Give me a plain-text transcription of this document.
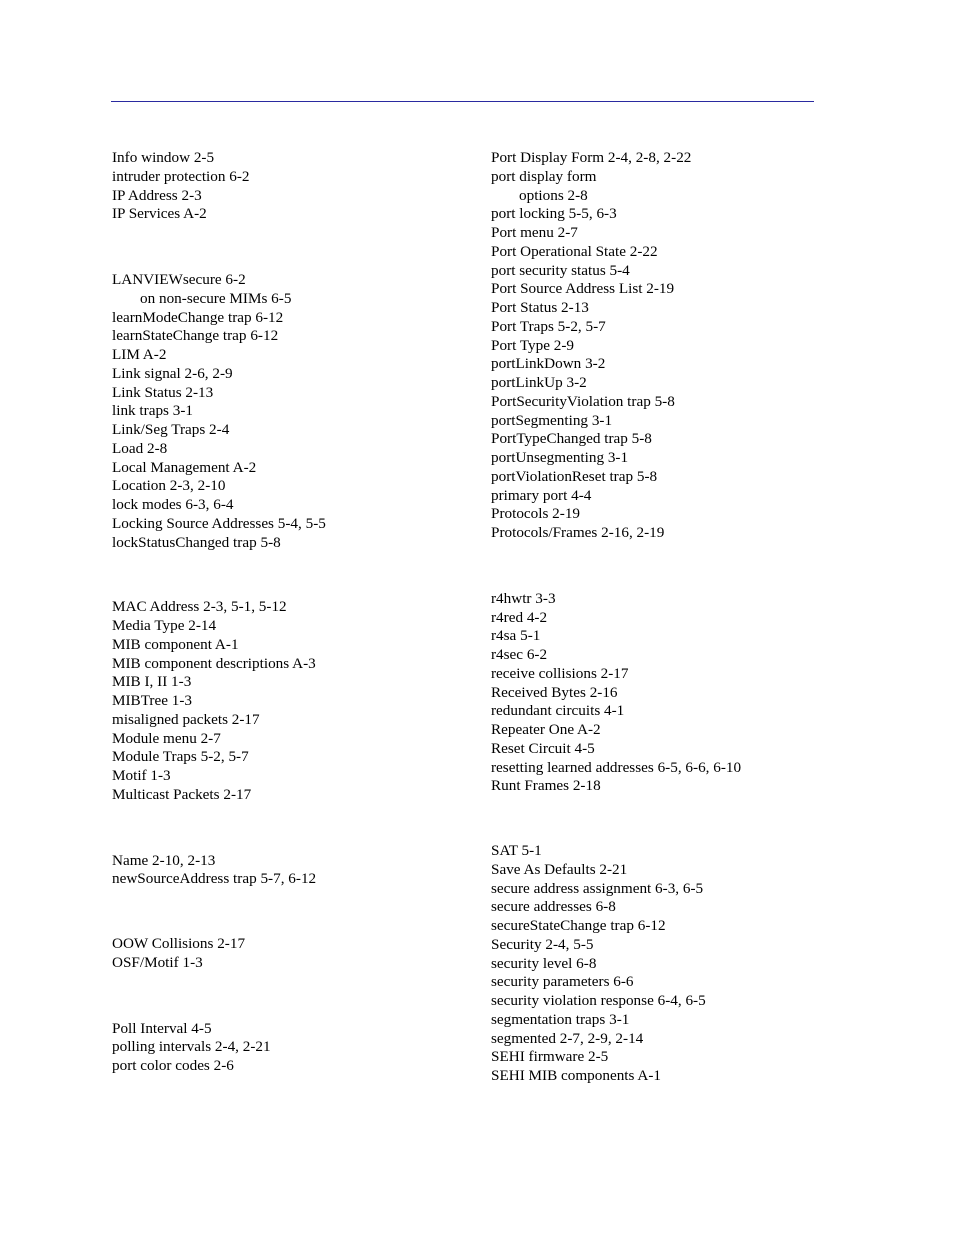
Info window 2-5
intruder protection 6-2
IP Address 2-3
IP Services A-2
LANVIEWsecure 6-2
on non-secure MIMs 6-5
learnModeChange trap 6-12
learnStateChange trap 6-12
LIM A-2
Link signal 2-6, 2-9
Link Status 2-13
link traps 3-1
Link/Seg Traps 2-4
Load 2-8
Local Management A-2
Location 2-3, 2-10
lock modes 6-3, 6-4
Locking Source Addresses 5-4, 5-5
lockStatusChanged trap 5-8
MAC Address 2-3, 5-1, 5-12
Media Type 2-14
MIB component A-1
MIB component descriptions A-3
MIB I, II 1-3
MIBTree 1-3
misaligned packets 2-17
Module menu 2-7
Module Traps 5-2, 5-7
Motif 1-3
Multicast Packets 2-17
Name 2-10, 2-13
newSourceAddress trap 5-7, 6-12
OOW Collisions 2-17
OSF/Motif 1-3
Poll Interval 4-5
polling intervals 2-4, 2-21
port color codes 2-6
Port Display Form 2-4, 2-8, 2-22
port display form
options 2-8
port locking 5-5, 6-3
Port menu 2-7
Port Operational State 2-22
port security status 5-4
Port Source Address List 2-19
Port Status 2-13
Port Traps 5-2, 5-7
Port Type 2-9
portLinkDown 3-2
portLinkUp 3-2
PortSecurityViolation trap 5-8
portSegmenting 3-1
PortTypeChanged trap 5-8
portUnsegmenting 3-1
portViolationReset trap 5-8
primary port 4-4
Protocols 2-19
Protocols/Frames 2-16, 2-19
r4hwtr 3-3
r4red 4-2
r4sa 5-1
r4sec 6-2
receive collisions 2-17
Received Bytes 2-16
redundant circuits 4-1
Repeater One A-2
Reset Circuit 4-5
resetting learned addresses 6-5, 6-6, 6-10
Runt Frames 2-18
SAT 5-1
Save As Defaults 2-21
secure address assignment 6-3, 6-5
secure addresses 6-8
secureStateChange trap 6-12
Security 2-4, 5-5
security level 6-8
security parameters 6-6
security violation response 6-4, 6-5
segmentation traps 3-1
segmented 2-7, 2-9, 2-14
SEHI firmware 2-5
SEHI MIB components A-1
